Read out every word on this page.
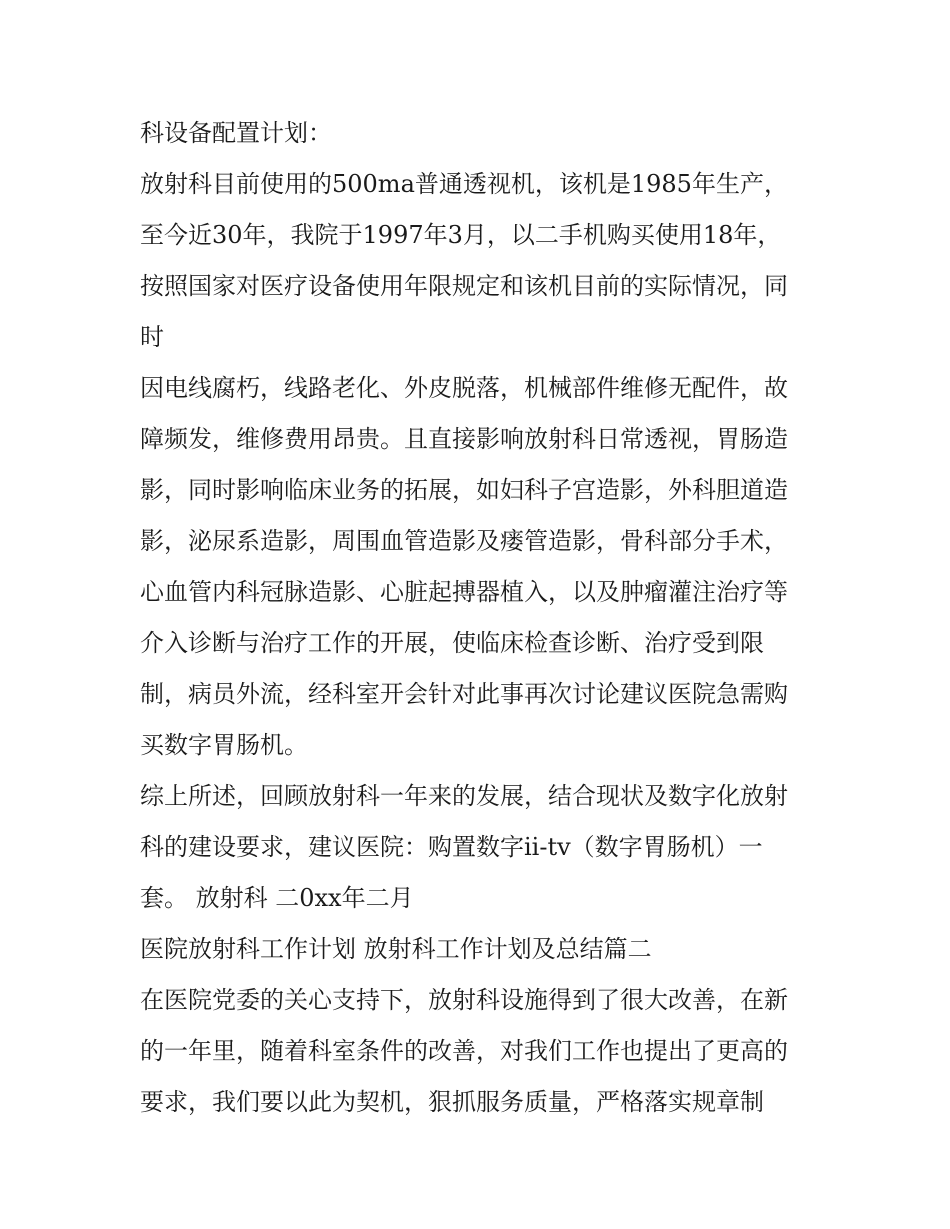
科设备配置计划：
放射科目前使用的500ma普通透视机，该机是1985年生产，
至今近30年，我院于1997年3月，以二手机购买使用18年，
按照国家对医疗设备使用年限规定和该机目前的实际情况，同
时
因电线腐朽，线路老化、外皮脱落，机械部件维修无配件，故
障频发，维修费用昂贵。且直接影响放射科日常透视，胃肠造
影，同时影响临床业务的拓展，如妇科子宫造影，外科胆道造
影，泌尿系造影，周围血管造影及瘘管造影，骨科部分手术，
心血管内科冠脉造影、心脏起搏器植入，以及肿瘤灌注治疗等
介入诊断与治疗工作的开展，使临床检查诊断、治疗受到限
制，病员外流，经科室开会针对此事再次讨论建议医院急需购
买数字胃肠机。
综上所述，回顾放射科一年来的发展，结合现状及数字化放射
科的建设要求，建议医院：购置数字ii-tv（数字胃肠机）一
套。 放射科 二0xx年二月
医院放射科工作计划 放射科工作计划及总结篇二
在医院党委的关心支持下，放射科设施得到了很大改善，在新
的一年里，随着科室条件的改善，对我们工作也提出了更高的
要求，我们要以此为契机，狠抓服务质量，严格落实规章制
